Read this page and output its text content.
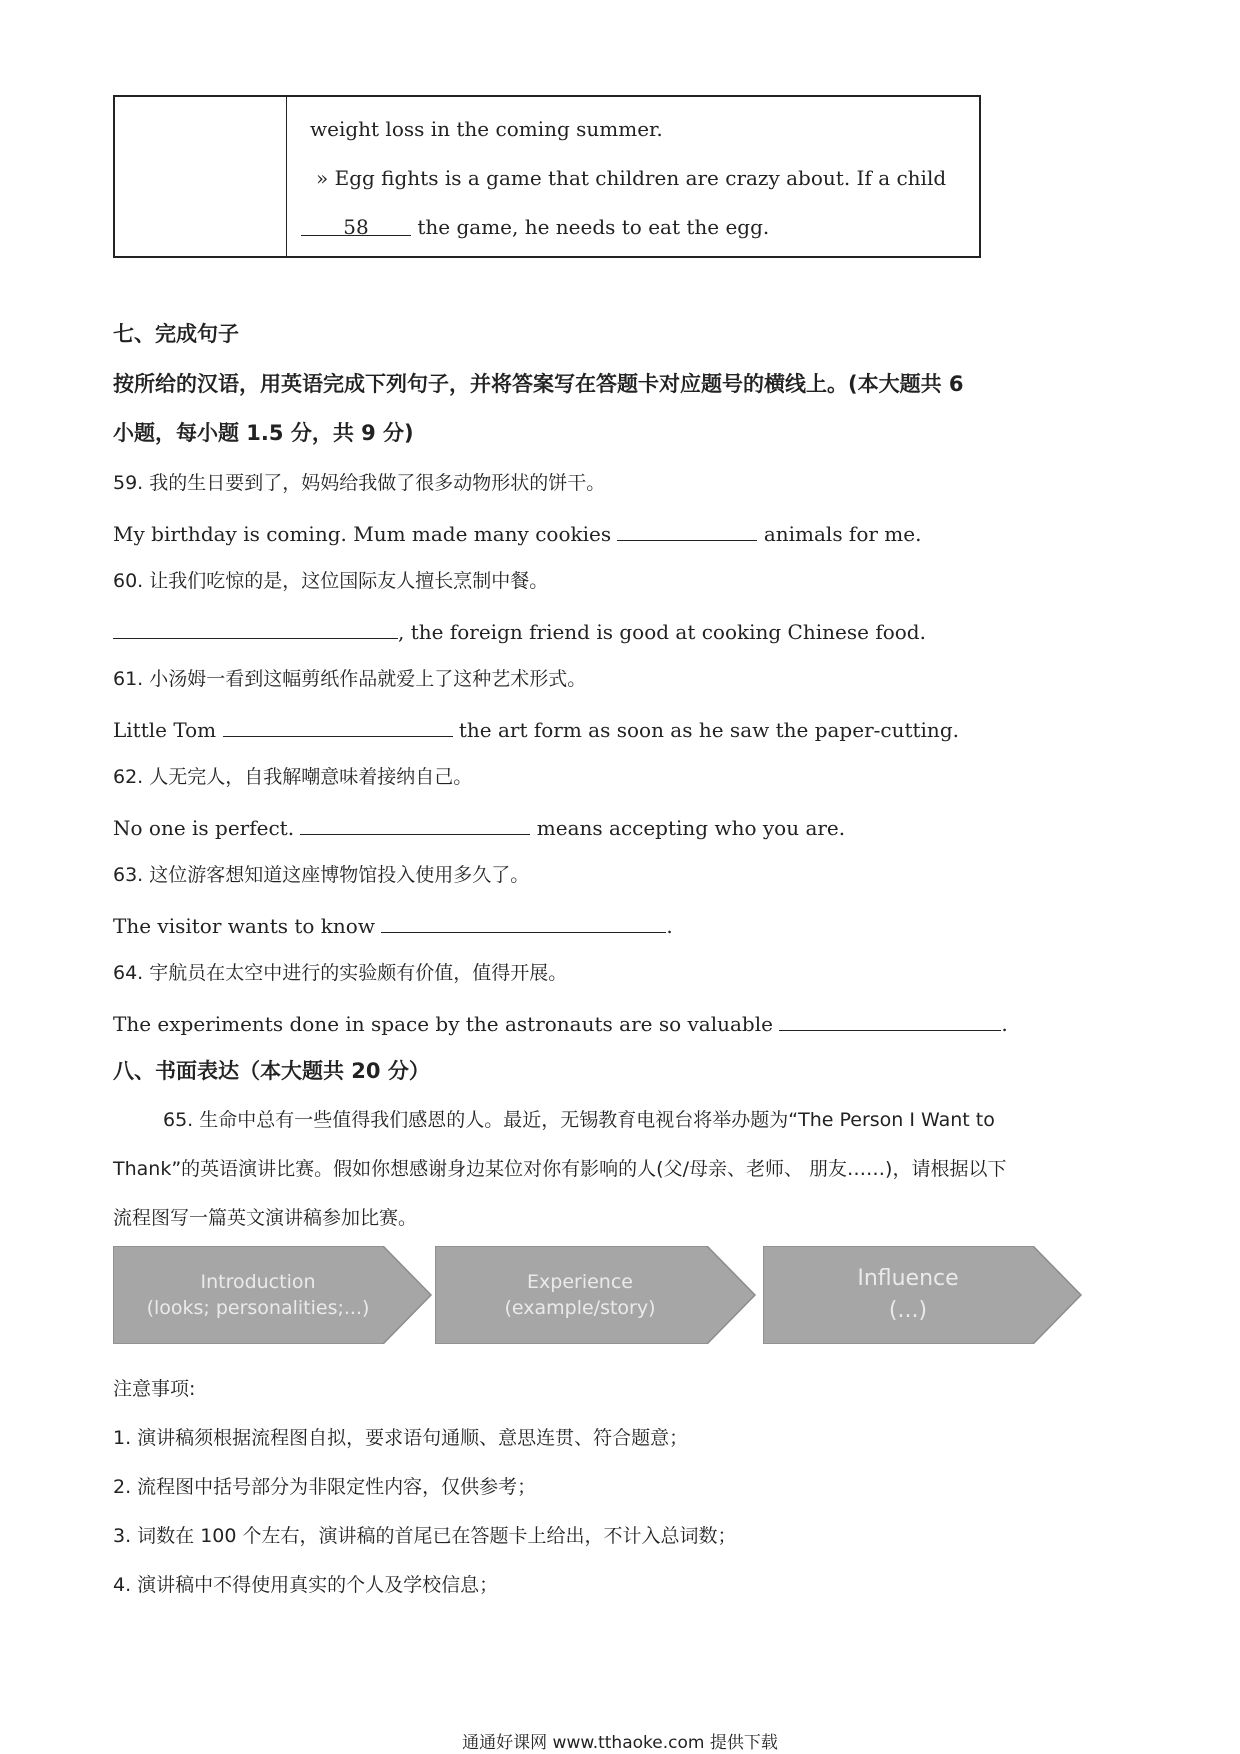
weight loss in the coming summer.
» Egg fights is a game that children are crazy about. If a child
58 the game, he needs to eat the egg.
七、完成句子
按所给的汉语，用英语完成下列句子，并将答案写在答题卡对应题号的横线上。(本大题共 6
小题，每小题 1.5 分，共 9 分)
59. 我的生日要到了，妈妈给我做了很多动物形状的饼干。
My birthday is coming. Mum made many cookies	animals for me.
60. 让我们吃惊的是，这位国际友人擅长烹制中餐。
, the foreign friend is good at cooking Chinese food.
61. 小汤姆一看到这幅剪纸作品就爱上了这种艺术形式。
Little Tom	the art form as soon as he saw the paper-cutting.
62. 人无完人，自我解嘲意味着接纳自己。
No one is perfect.	means accepting who you are.
63. 这位游客想知道这座博物馆投入使用多久了。
The visitor wants to know	.
64. 宇航员在太空中进行的实验颇有价值，值得开展。
The experiments done in space by the astronauts are so valuable	.
八、书面表达（本大题共 20 分）
65. 生命中总有一些值得我们感恩的人。最近，无锡教育电视台将举办题为“The Person I Want to
Thank”的英语演讲比赛。假如你想感谢身边某位对你有影响的人(父/母亲、老师、 朋友……)，请根据以下
流程图写一篇英文演讲稿参加比赛。
Introduction
(looks; personalities;...)
Experience
(example/story)
Influence
(...)
注意事项:
1. 演讲稿须根据流程图自拟，要求语句通顺、意思连贯、符合题意；
2. 流程图中括号部分为非限定性内容，仅供参考；
3. 词数在 100 个左右，演讲稿的首尾已在答题卡上给出，不计入总词数；
4. 演讲稿中不得使用真实的个人及学校信息；
通通好课网 www.tthaoke.com 提供下载
